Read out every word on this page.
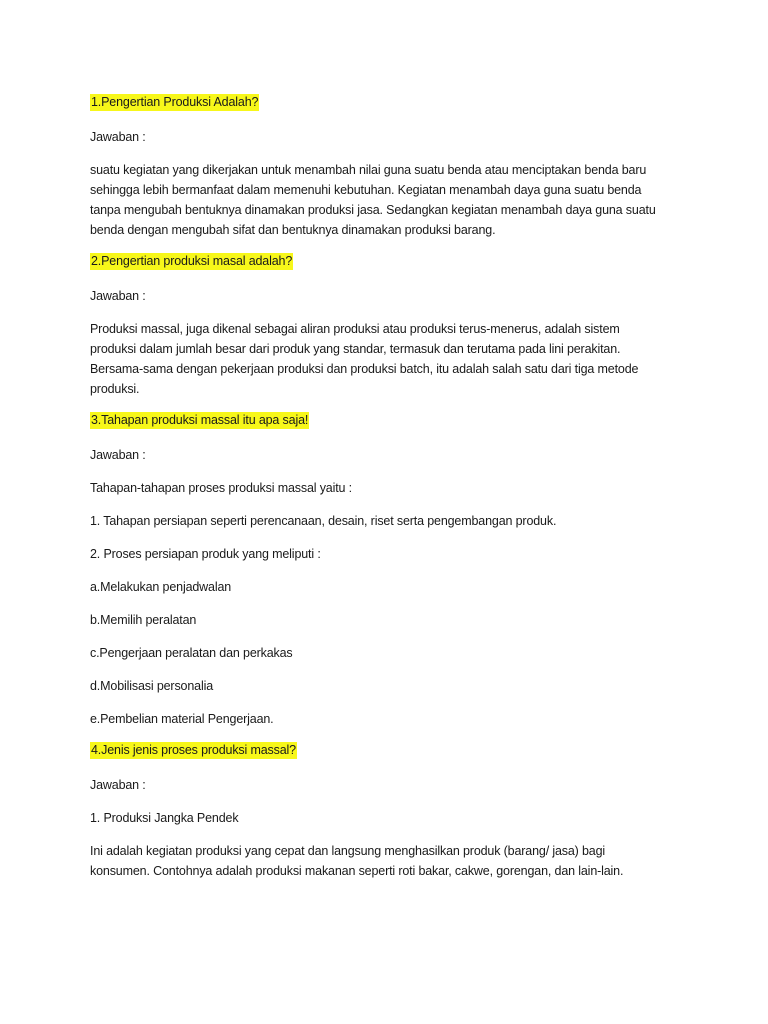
1.Pengertian Produksi Adalah?
Jawaban :

suatu kegiatan yang dikerjakan untuk menambah nilai guna suatu benda atau menciptakan benda baru
sehingga lebih bermanfaat dalam memenuhi kebutuhan. Kegiatan menambah daya guna suatu benda
tanpa mengubah bentuknya dinamakan produksi jasa. Sedangkan kegiatan menambah daya guna suatu
benda dengan mengubah sifat dan bentuknya dinamakan produksi barang.

2.Pengertian produksi masal adalah?
Jawaban :

Produksi massal, juga dikenal sebagai aliran produksi atau produksi terus-menerus, adalah sistem
produksi dalam jumlah besar dari produk yang standar, termasuk dan terutama pada lini perakitan.
Bersama-sama dengan pekerjaan produksi dan produksi batch, itu adalah salah satu dari tiga metode
produksi.

3.Tahapan produksi massal itu apa saja!
Jawaban :
Tahapan-tahapan proses produksi massal yaitu :
1. Tahapan persiapan seperti perencanaan, desain, riset serta pengembangan produk.
2. Proses persiapan produk yang meliputi :
a.Melakukan penjadwalan
b.Memilih peralatan
c.Pengerjaan peralatan dan perkakas
d.Mobilisasi personalia
e.Pembelian material Pengerjaan.
4.Jenis jenis proses produksi massal?
Jawaban :
1. Produksi Jangka Pendek

Ini adalah kegiatan produksi yang cepat dan langsung menghasilkan produk (barang/ jasa) bagi
konsumen. Contohnya adalah produksi makanan seperti roti bakar, cakwe, gorengan, dan lain-lain.
